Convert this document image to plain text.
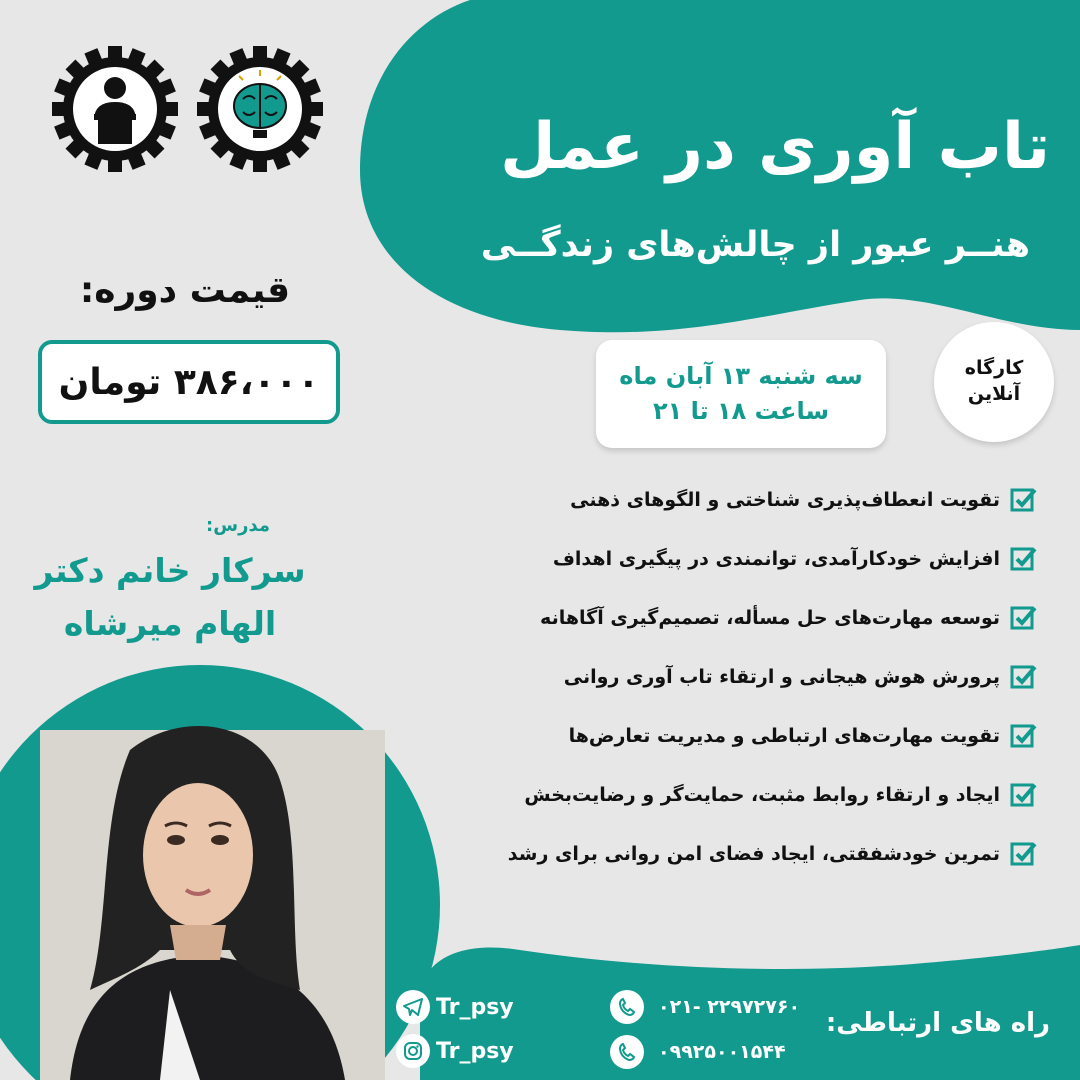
تاب آوری در عمل
هنــر عبور از چالش‌های زندگــی
قیمت دوره:
۳۸۶،۰۰۰ تومان	سه شنبه ۱۳ آبان ماه
ساعت ۱۸ تا ۲۱
کارگاه
آنلاین
تقویت انعطاف‌پذیری شناختی و الگوهای ذهنی
افزایش خودکارآمدی، توانمندی در پیگیری اهداف
توسعه مهارت‌های حل مسأله، تصمیم‌گیری آگاهانه
پرورش هوش هیجانی و ارتقاء تاب آوری روانی
تقویت مهارت‌های ارتباطی و مدیریت تعارض‌ها
ایجاد و ارتقاء روابط مثبت، حمایت‌گر و رضایت‌بخش
تمرین خودشفقتی، ایجاد فضای امن روانی برای رشد
مدرس:
سرکار خانم دکتر
الهام میرشاه
راه های ارتباطی:
۰۲۱- ۲۲۹۷۲۷۶۰
۰۹۹۲۵۰۰۱۵۴۴
Tr_psy
Tr_psy
